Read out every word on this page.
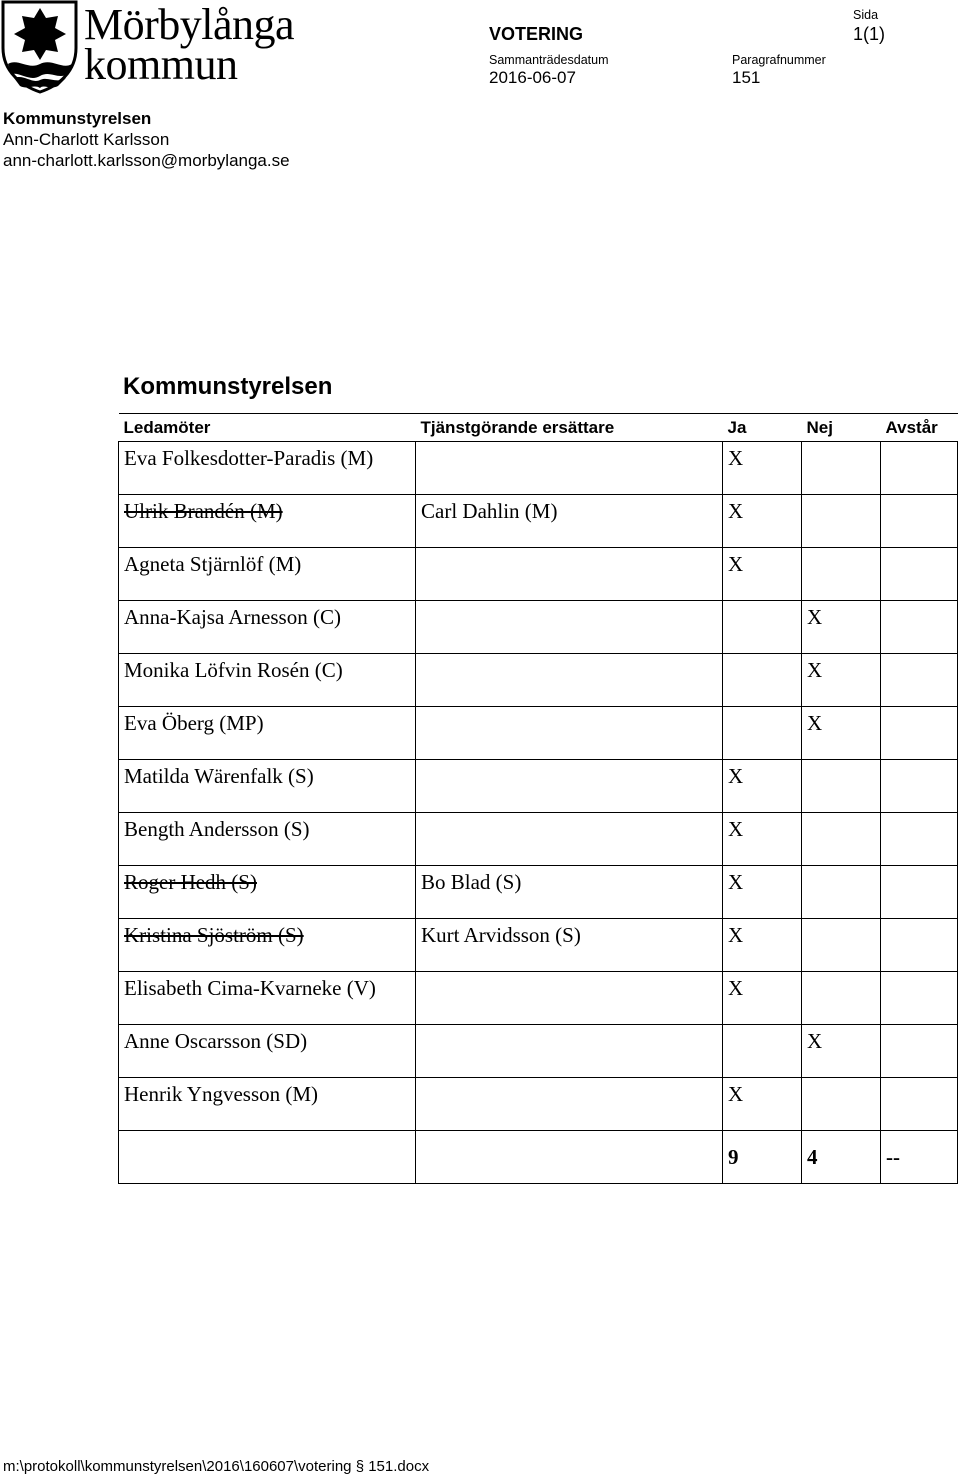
Mörbylånga
kommun
VOTERING
Sida
1(1)
Sammanträdesdatum
2016-06-07
Paragrafnummer
151
Kommunstyrelsen
Ann-Charlott Karlsson
ann-charlott.karlsson@morbylanga.se
Kommunstyrelsen
Ledamöter	Tjänstgörande ersättare	Ja	Nej	Avstår
Eva Folkesdotter-Paradis (M)		X		
Ulrik Brandén (M)	Carl Dahlin (M)	X		
Agneta Stjärnlöf (M)		X		
Anna-Kajsa Arnesson (C)			X	
Monika Löfvin Rosén (C)			X	
Eva Öberg (MP)			X	
Matilda Wärenfalk (S)		X		
Bength Andersson (S)		X		
Roger Hedh (S)	Bo Blad (S)	X		
Kristina Sjöström (S)	Kurt Arvidsson (S)	X		
Elisabeth Cima-Kvarneke (V)		X		
Anne Oscarsson (SD)			X	
Henrik Yngvesson (M)		X		
		9	4	--
m:\protokoll\kommunstyrelsen\2016\160607\votering § 151.docx
